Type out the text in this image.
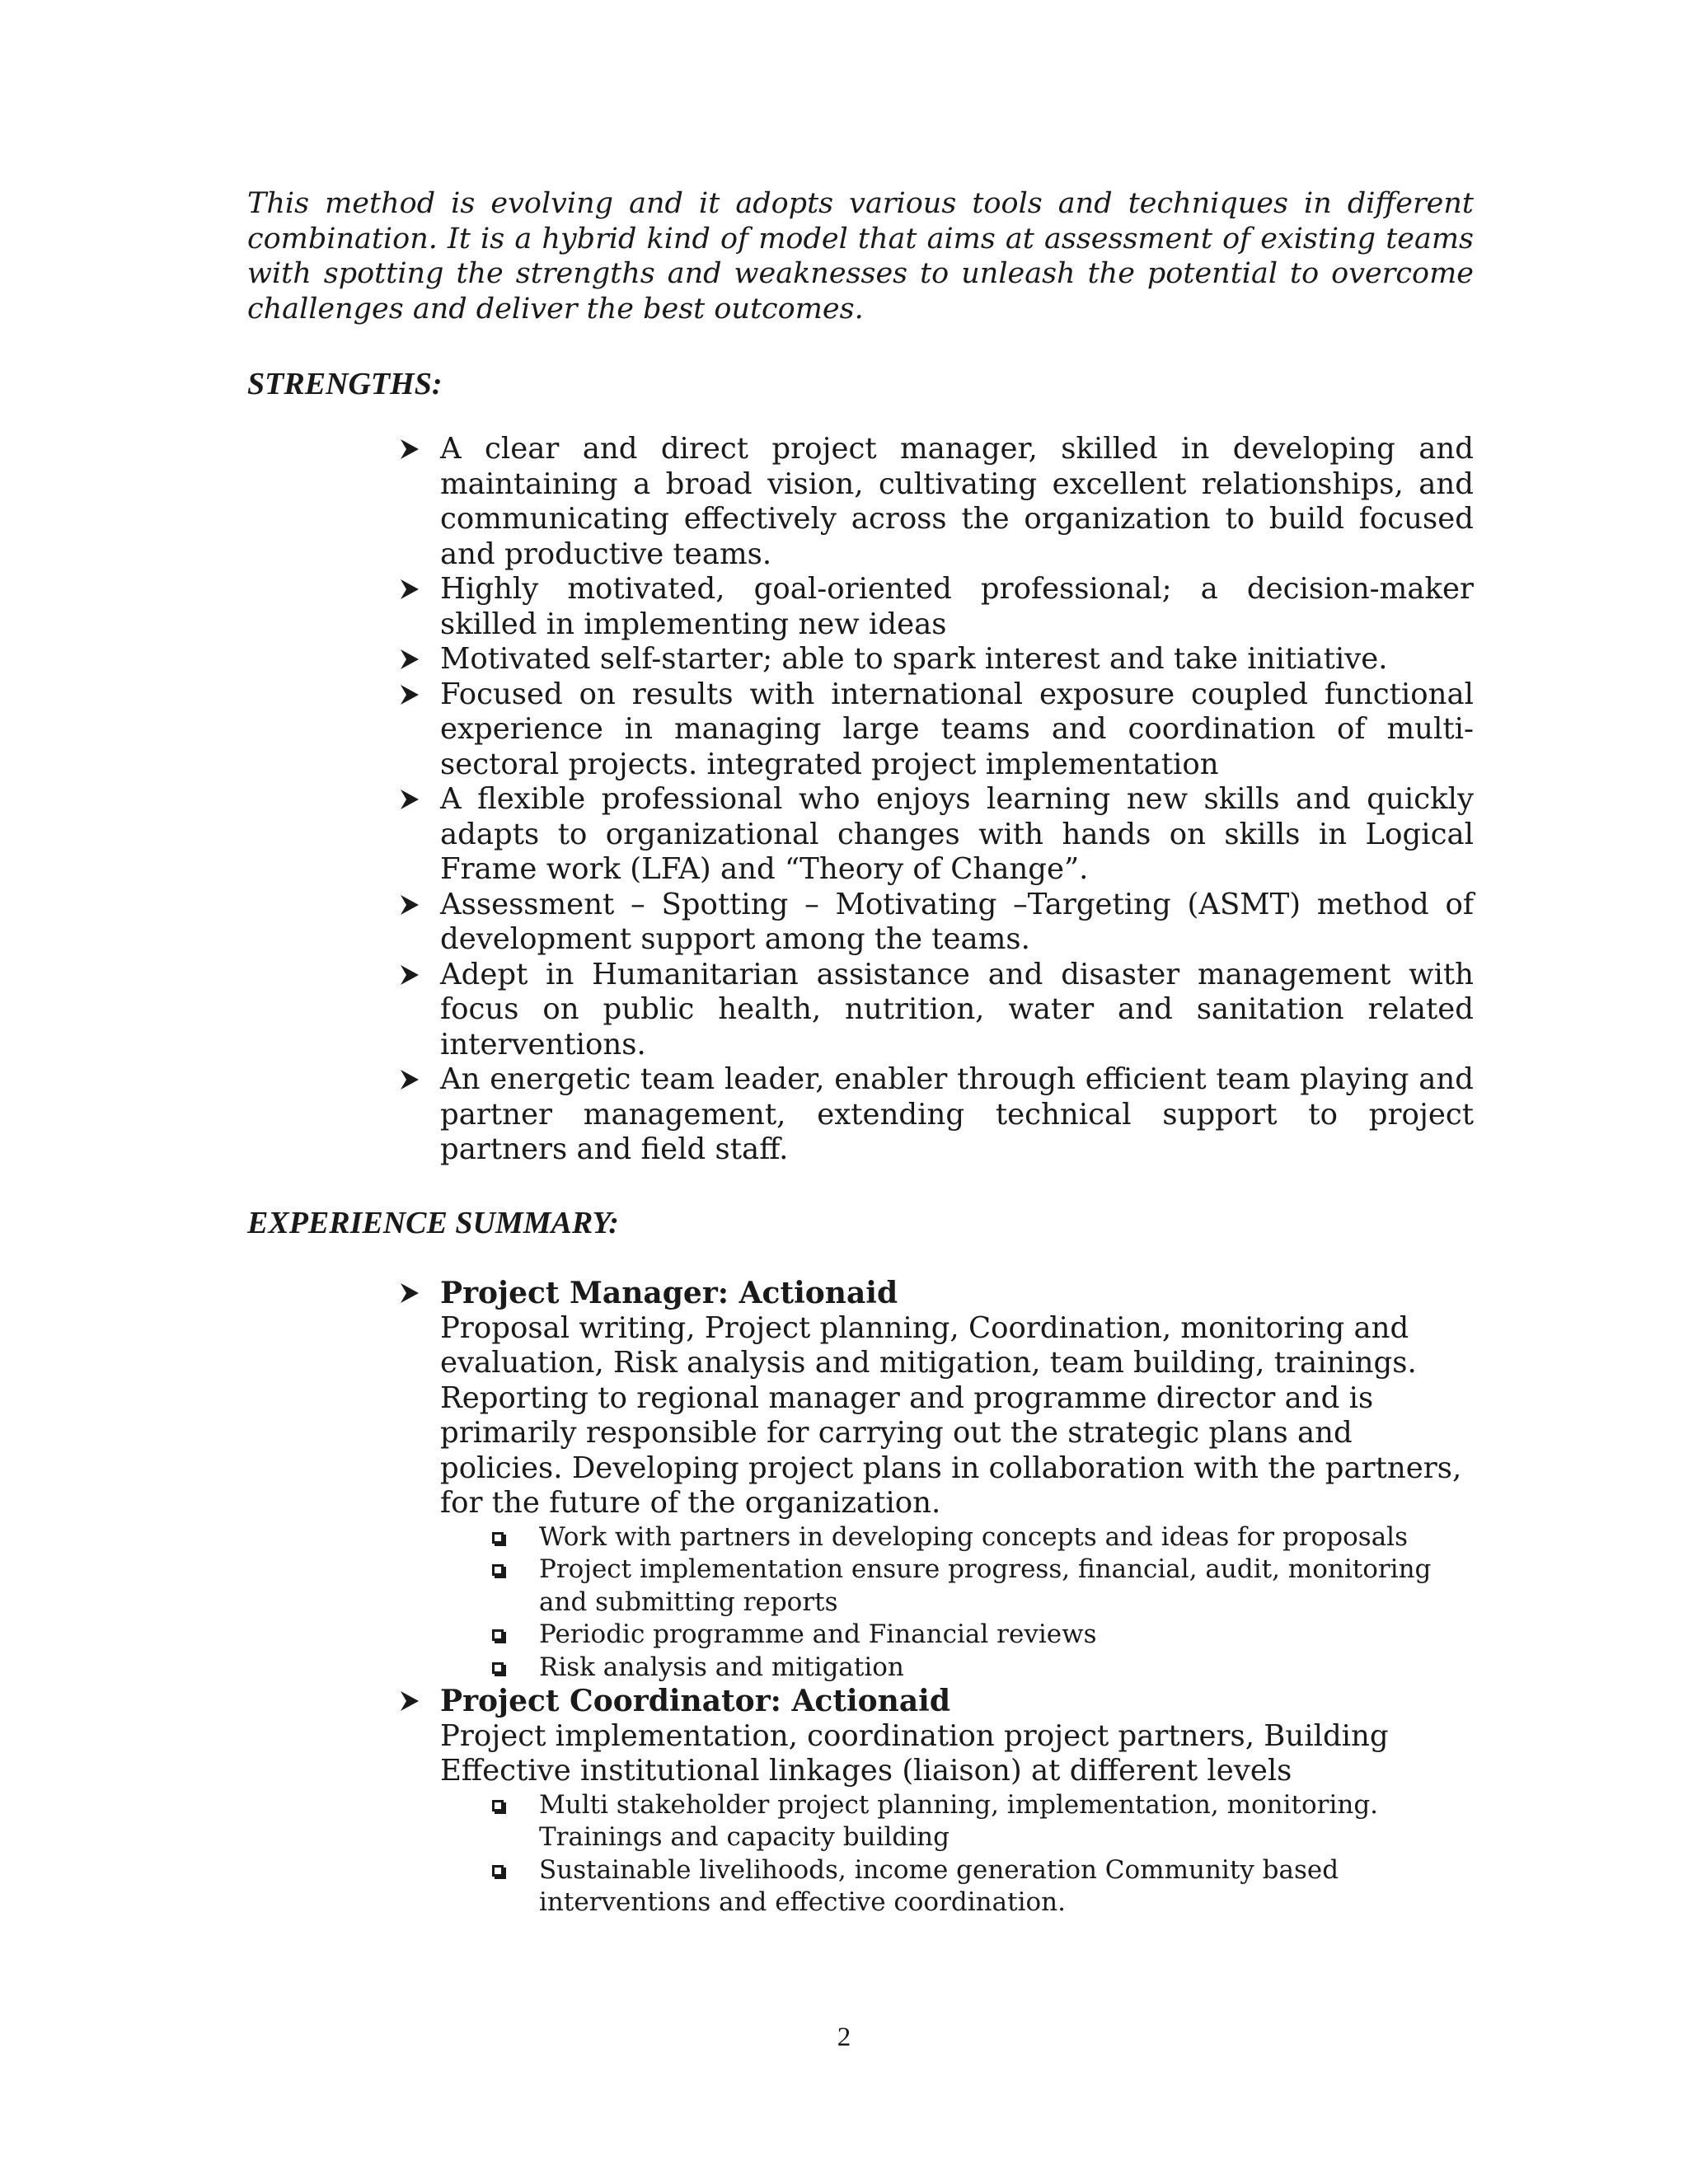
This method is evolving and it adopts various tools and techniques in different combination. It is a hybrid kind of model that aims at assessment of existing teams with spotting the strengths and weaknesses to unleash the potential to overcome challenges and deliver the best outcomes.

STRENGTHS:
A clear and direct project manager, skilled in developing and maintaining a broad vision, cultivating excellent relationships, and communicating effectively across the organization to build focused and productive teams.
Highly motivated, goal-oriented professional; a decision-maker skilled in implementing new ideas
Motivated self-starter; able to spark interest and take initiative.
Focused on results with international exposure coupled functional experience in managing large teams and coordination of multi-sectoral projects. integrated project implementation
A flexible professional who enjoys learning new skills and quickly adapts to organizational changes with hands on skills in Logical Frame work (LFA) and “Theory of Change”.
Assessment – Spotting – Motivating –Targeting (ASMT) method of development support among the teams.
Adept in Humanitarian assistance and disaster management with focus on public health, nutrition, water and sanitation related interventions.
An energetic team leader, enabler through efficient team playing and partner management, extending technical support to project partners and field staff.
EXPERIENCE SUMMARY:
Project Manager: Actionaid
Proposal writing, Project planning, Coordination, monitoring and evaluation, Risk analysis and mitigation, team building, trainings. Reporting to regional manager and programme director and is primarily responsible for carrying out the strategic plans and policies. Developing project plans in collaboration with the partners, for the future of the organization.
Work with partners in developing concepts and ideas for proposals
Project implementation ensure progress, financial, audit, monitoring and submitting reports
Periodic programme and Financial reviews
Risk analysis and mitigation
Project Coordinator: Actionaid
Project implementation, coordination project partners, Building Effective institutional linkages (liaison) at different levels
Multi stakeholder project planning, implementation, monitoring. Trainings and capacity building
Sustainable livelihoods, income generation Community based interventions and effective coordination.
2
